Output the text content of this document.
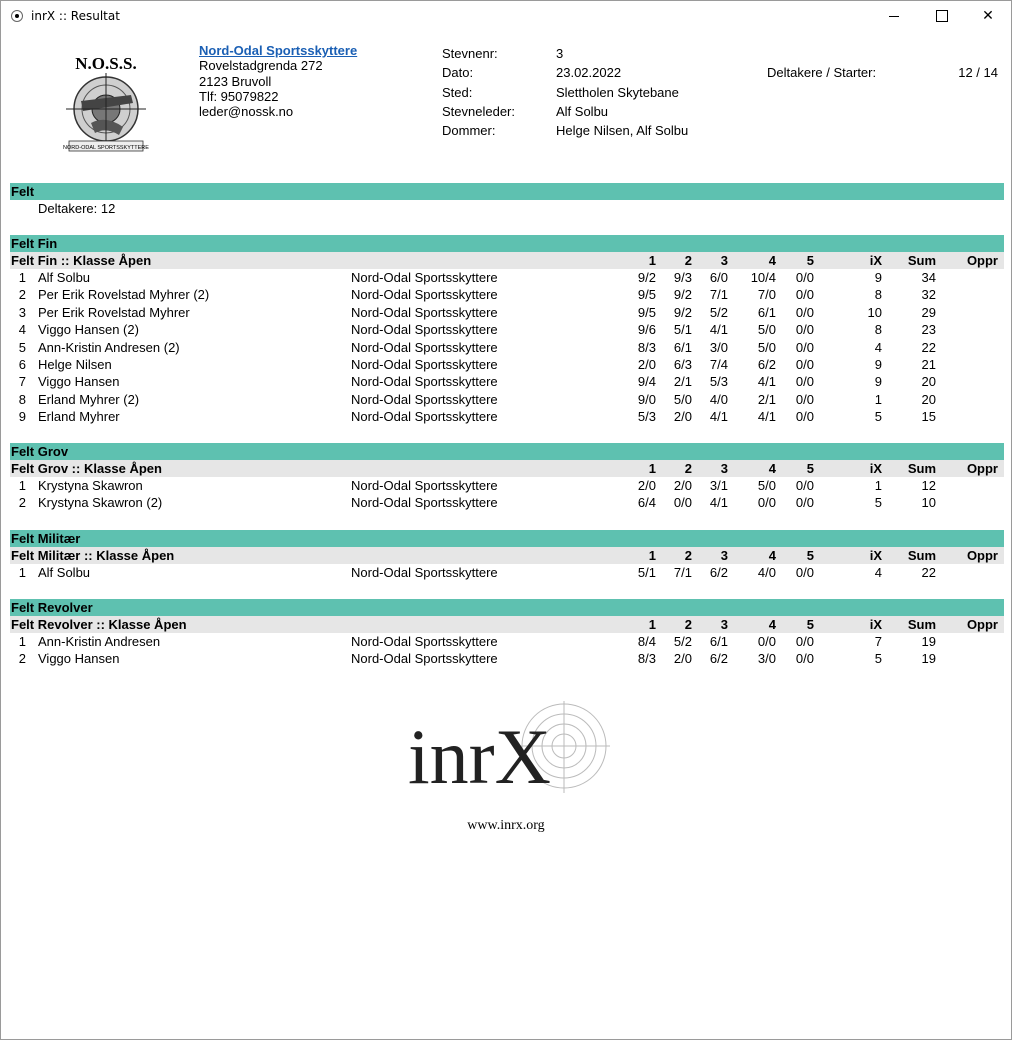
inrX :: Resultat	✕
N.O.S.S.
NORD-ODAL SPORTSSKYTTERE
Nord-Odal Sportsskyttere
Rovelstadgrenda 272
2123 Bruvoll
Tlf: 95079822
leder@nossk.no
Stevnenr:	3
Dato:	23.02.2022
Sted:	Slettholen Skytebane
Stevneleder:	Alf Solbu
Dommer:	Helge Nilsen, Alf Solbu
Deltakere / Starter:	12 / 14
Felt
Deltakere: 12
Felt Fin
Felt Fin :: Klasse Åpen	1	2	3	4	5	iX	Sum	Oppr
1 Alf Solbu	Nord-Odal Sportsskyttere	9/2	9/3	6/0	10/4	0/0	9	34
2 Per Erik Rovelstad Myhrer (2)	Nord-Odal Sportsskyttere	9/5	9/2	7/1	7/0	0/0	8	32
3 Per Erik Rovelstad Myhrer	Nord-Odal Sportsskyttere	9/5	9/2	5/2	6/1	0/0	10	29
4 Viggo Hansen (2)	Nord-Odal Sportsskyttere	9/6	5/1	4/1	5/0	0/0	8	23
5 Ann-Kristin Andresen (2)	Nord-Odal Sportsskyttere	8/3	6/1	3/0	5/0	0/0	4	22
6 Helge Nilsen	Nord-Odal Sportsskyttere	2/0	6/3	7/4	6/2	0/0	9	21
7 Viggo Hansen	Nord-Odal Sportsskyttere	9/4	2/1	5/3	4/1	0/0	9	20
8 Erland Myhrer (2)	Nord-Odal Sportsskyttere	9/0	5/0	4/0	2/1	0/0	1	20
9 Erland Myhrer	Nord-Odal Sportsskyttere	5/3	2/0	4/1	4/1	0/0	5	15
Felt Grov
Felt Grov :: Klasse Åpen	1	2	3	4	5	iX	Sum	Oppr
1 Krystyna Skawron	Nord-Odal Sportsskyttere	2/0	2/0	3/1	5/0	0/0	1	12
2 Krystyna Skawron (2)	Nord-Odal Sportsskyttere	6/4	0/0	4/1	0/0	0/0	5	10
Felt Militær
Felt Militær :: Klasse Åpen	1	2	3	4	5	iX	Sum	Oppr
1 Alf Solbu	Nord-Odal Sportsskyttere	5/1	7/1	6/2	4/0	0/0	4	22
Felt Revolver
Felt Revolver :: Klasse Åpen	1	2	3	4	5	iX	Sum	Oppr
1 Ann-Kristin Andresen	Nord-Odal Sportsskyttere	8/4	5/2	6/1	0/0	0/0	7	19
2 Viggo Hansen	Nord-Odal Sportsskyttere	8/3	2/0	6/2	3/0	0/0	5	19
inrX
www.inrx.org
